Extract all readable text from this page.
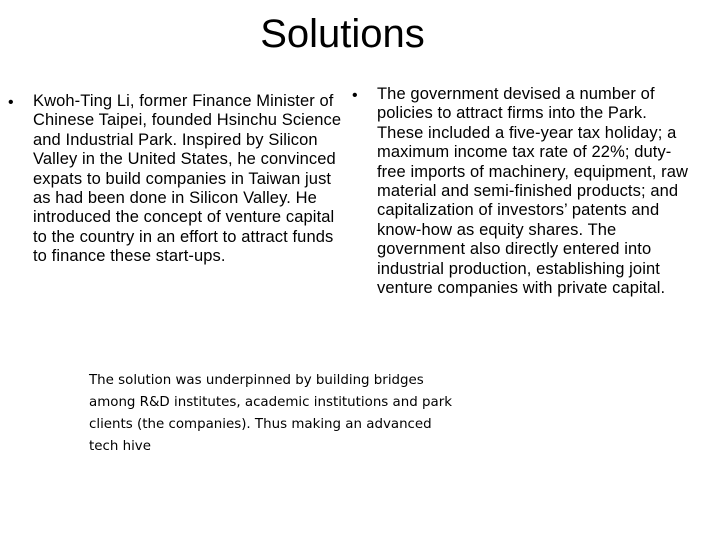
Solutions
• Kwoh-Ting Li, former Finance Minister of Chinese Taipei, founded Hsinchu Science and Industrial Park. Inspired by Silicon Valley in the United States, he convinced expats to build companies in Taiwan just as had been done in Silicon Valley. He introduced the concept of venture capital to the country in an effort to attract funds to finance these start-ups.
• The government devised a number of policies to attract firms into the Park. These included a five-year tax holiday; a maximum income tax rate of 22%; duty-free imports of machinery, equipment, raw material and semi-finished products; and capitalization of investors’ patents and know-how as equity shares. The government also directly entered into industrial production, establishing joint venture companies with private capital.
The solution was underpinned by building bridges among R&D institutes, academic institutions and park clients (the companies). Thus making an advanced tech hive
